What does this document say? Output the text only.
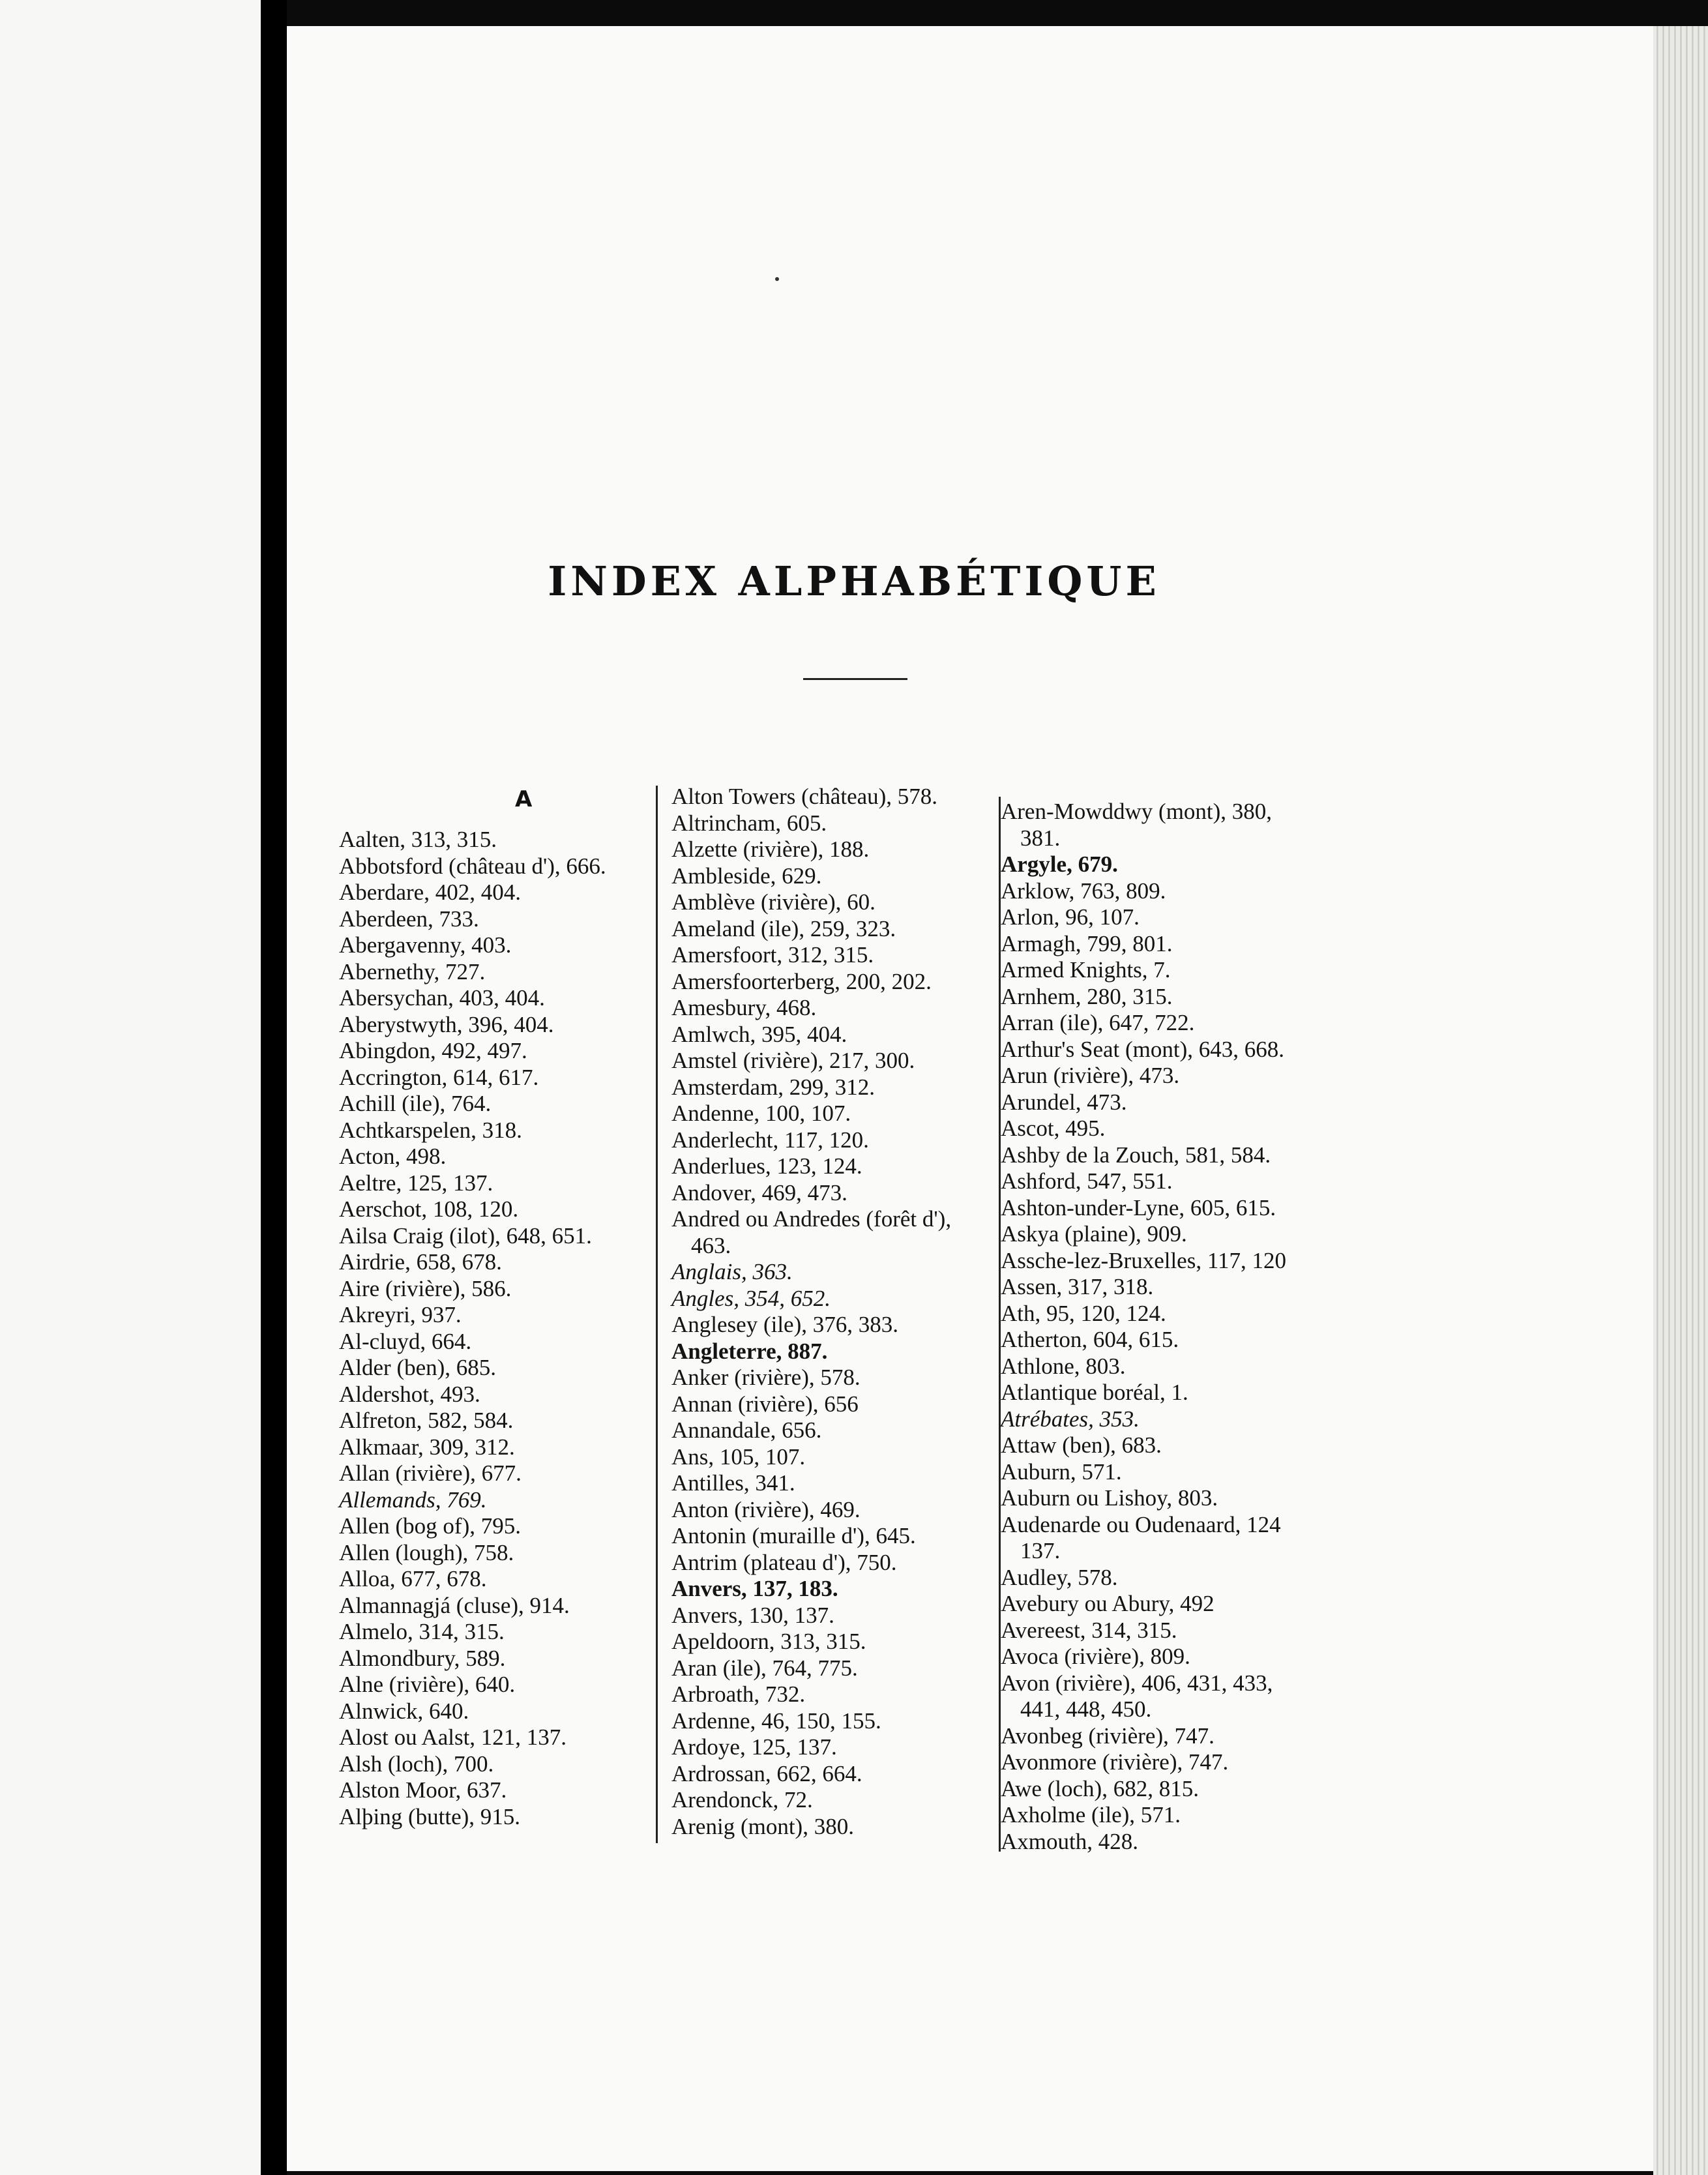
INDEX ALPHABÉTIQUE
A
Aalten, 313, 315.
Abbotsford (château d'), 666.
Aberdare, 402, 404.
Aberdeen, 733.
Abergavenny, 403.
Abernethy, 727.
Abersychan, 403, 404.
Aberystwyth, 396, 404.
Abingdon, 492, 497.
Accrington, 614, 617.
Achill (ile), 764.
Achtkarspelen, 318.
Acton, 498.
Aeltre, 125, 137.
Aerschot, 108, 120.
Ailsa Craig (ilot), 648, 651.
Airdrie, 658, 678.
Aire (rivière), 586.
Akreyri, 937.
Al-cluyd, 664.
Alder (ben), 685.
Aldershot, 493.
Alfreton, 582, 584.
Alkmaar, 309, 312.
Allan (rivière), 677.
Allemands, 769.
Allen (bog of), 795.
Allen (lough), 758.
Alloa, 677, 678.
Almannagjá (cluse), 914.
Almelo, 314, 315.
Almondbury, 589.
Alne (rivière), 640.
Alnwick, 640.
Alost ou Aalst, 121, 137.
Alsh (loch), 700.
Alston Moor, 637.
Alþing (butte), 915.
Alton Towers (château), 578.
Altrincham, 605.
Alzette (rivière), 188.
Ambleside, 629.
Amblève (rivière), 60.
Ameland (ile), 259, 323.
Amersfoort, 312, 315.
Amersfoorterberg, 200, 202.
Amesbury, 468.
Amlwch, 395, 404.
Amstel (rivière), 217, 300.
Amsterdam, 299, 312.
Andenne, 100, 107.
Anderlecht, 117, 120.
Anderlues, 123, 124.
Andover, 469, 473.
Andred ou Andredes (forêt d'),
463.
Anglais, 363.
Angles, 354, 652.
Anglesey (ile), 376, 383.
Angleterre, 887.
Anker (rivière), 578.
Annan (rivière), 656
Annandale, 656.
Ans, 105, 107.
Antilles, 341.
Anton (rivière), 469.
Antonin (muraille d'), 645.
Antrim (plateau d'), 750.
Anvers, 137, 183.
Anvers, 130, 137.
Apeldoorn, 313, 315.
Aran (ile), 764, 775.
Arbroath, 732.
Ardenne, 46, 150, 155.
Ardoye, 125, 137.
Ardrossan, 662, 664.
Arendonck, 72.
Arenig (mont), 380.
Aren-Mowddwy (mont), 380,
381.
Argyle, 679.
Arklow, 763, 809.
Arlon, 96, 107.
Armagh, 799, 801.
Armed Knights, 7.
Arnhem, 280, 315.
Arran (ile), 647, 722.
Arthur's Seat (mont), 643, 668.
Arun (rivière), 473.
Arundel, 473.
Ascot, 495.
Ashby de la Zouch, 581, 584.
Ashford, 547, 551.
Ashton-under-Lyne, 605, 615.
Askya (plaine), 909.
Assche-lez-Bruxelles, 117, 120
Assen, 317, 318.
Ath, 95, 120, 124.
Atherton, 604, 615.
Athlone, 803.
Atlantique boréal, 1.
Atrébates, 353.
Attaw (ben), 683.
Auburn, 571.
Auburn ou Lishoy, 803.
Audenarde ou Oudenaard, 124
137.
Audley, 578.
Avebury ou Abury, 492
Avereest, 314, 315.
Avoca (rivière), 809.
Avon (rivière), 406, 431, 433,
441, 448, 450.
Avonbeg (rivière), 747.
Avonmore (rivière), 747.
Awe (loch), 682, 815.
Axholme (ile), 571.
Axmouth, 428.
